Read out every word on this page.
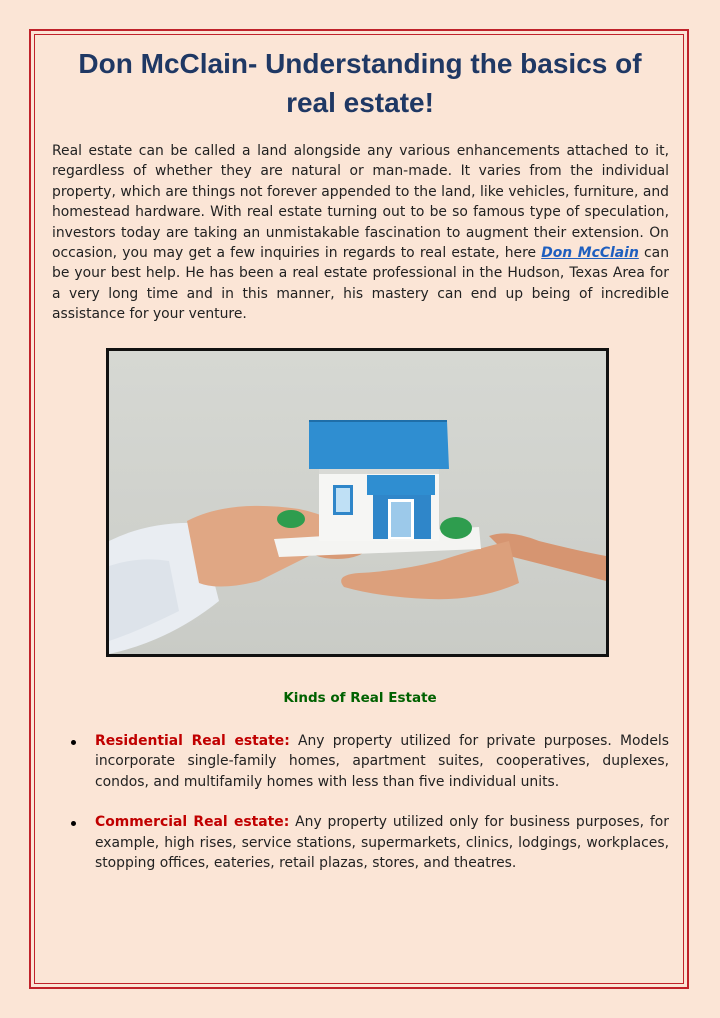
Don McClain- Understanding the basics of real estate!

Real estate can be called a land alongside any various enhancements attached to it, regardless of whether they are natural or man-made. It varies from the individual property, which are things not forever appended to the land, like vehicles, furniture, and homestead hardware. With real estate turning out to be so famous type of speculation, investors today are taking an unmistakable fascination to augment their extension. On occasion, you may get a few inquiries in regards to real estate, here Don McClain can be your best help. He has been a real estate professional in the Hudson, Texas Area for a very long time and in this manner, his mastery can end up being of incredible assistance for your venture.

Kinds of Real Estate

Residential Real estate: Any property utilized for private purposes. Models incorporate single-family homes, apartment suites, cooperatives, duplexes, condos, and multifamily homes with less than five individual units.
Commercial Real estate: Any property utilized only for business purposes, for example, high rises, service stations, supermarkets, clinics, lodgings, workplaces, stopping offices, eateries, retail plazas, stores, and theatres.
